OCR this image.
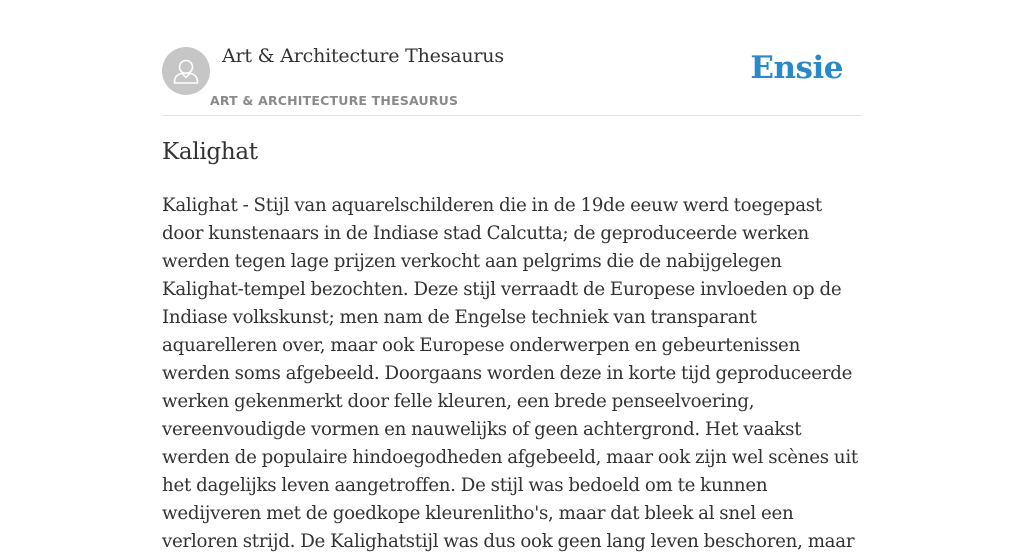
Art & Architecture Thesaurus
ART & ARCHITECTURE THESAURUS
Ensie
Kalighat

Kalighat - Stijl van aquarelschilderen die in de 19de eeuw werd toegepast door kunstenaars in de Indiase stad Calcutta; de geproduceerde werken werden tegen lage prijzen verkocht aan pelgrims die de nabijgelegen Kalighat-tempel bezochten. Deze stijl verraadt de Europese invloeden op de Indiase volkskunst; men nam de Engelse techniek van transparant aquarelleren over, maar ook Europese onderwerpen en gebeurtenissen werden soms afgebeeld. Doorgaans worden deze in korte tijd geproduceerde werken gekenmerkt door felle kleuren, een brede penseelvoering, vereenvoudigde vormen en nauwelijks of geen achtergrond. Het vaakst werden de populaire hindoegodheden afgebeeld, maar ook zijn wel scènes uit het dagelijks leven aangetroffen. De stijl was bedoeld om te kunnen wedijveren met de goedkope kleurenlitho's, maar dat bleek al snel een verloren strijd. De Kalighatstijl was dus ook geen lang leven beschoren, maar
